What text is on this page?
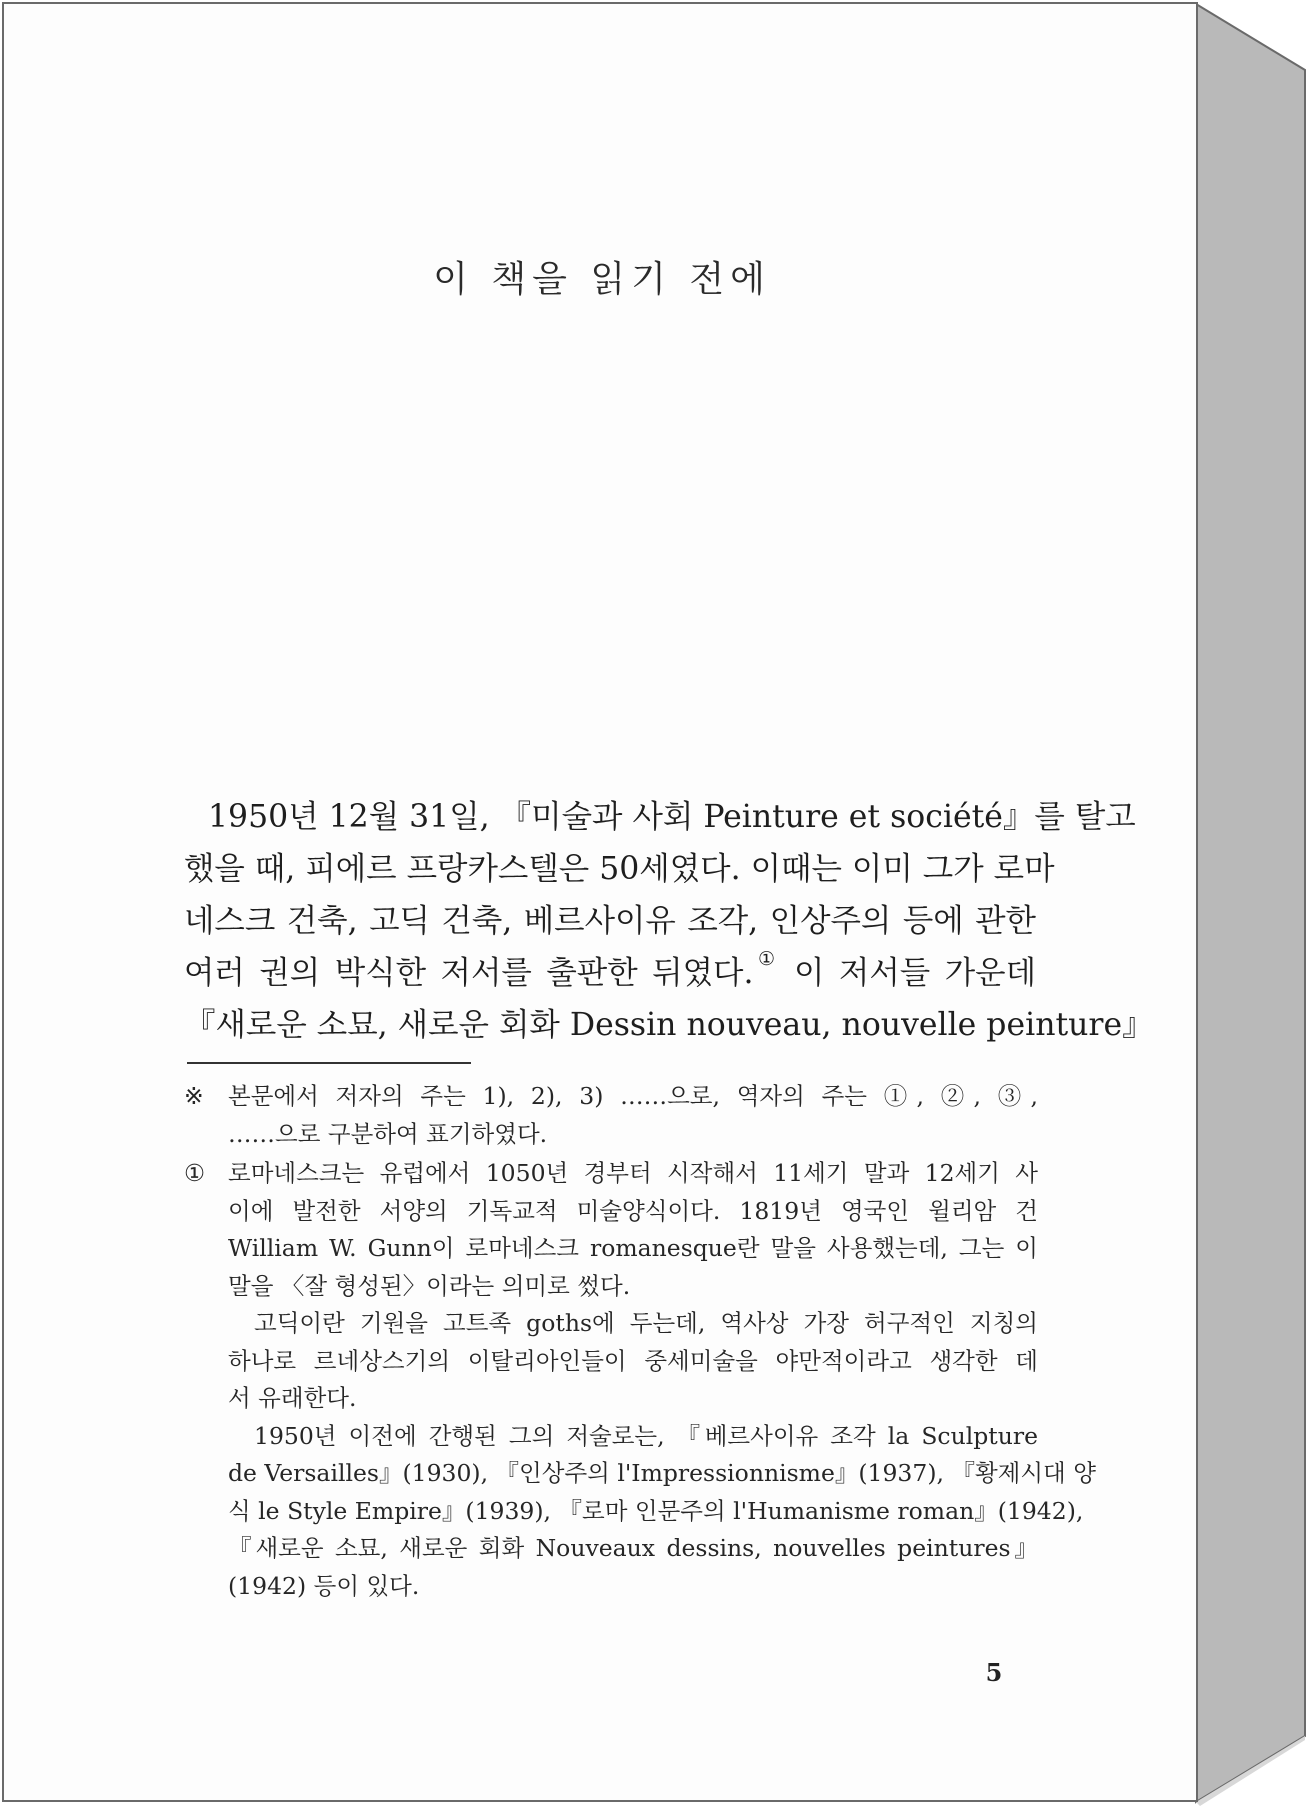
이 책을 읽기 전에
1950년 12월 31일, 『미술과 사회 Peinture et société』를 탈고
했을 때, 피에르 프랑카스텔은 50세였다. 이때는 이미 그가 로마
네스크 건축, 고딕 건축, 베르사이유 조각, 인상주의 등에 관한
여러 권의 박식한 저서를 출판한 뒤였다.① 이 저서들 가운데
『새로운 소묘, 새로운 회화 Dessin nouveau, nouvelle peinture』
※ 본문에서 저자의 주는 1), 2), 3) ……으로, 역자의 주는 ①, ②, ③,
……으로 구분하여 표기하였다.
① 로마네스크는 유럽에서 1050년 경부터 시작해서 11세기 말과 12세기 사
이에 발전한 서양의 기독교적 미술양식이다. 1819년 영국인 윌리암 건
William W. Gunn이 로마네스크 romanesque란 말을 사용했는데, 그는 이
말을 〈잘 형성된〉이라는 의미로 썼다.
고딕이란 기원을 고트족 goths에 두는데, 역사상 가장 허구적인 지칭의
하나로 르네상스기의 이탈리아인들이 중세미술을 야만적이라고 생각한 데
서 유래한다.
1950년 이전에 간행된 그의 저술로는, 『베르사이유 조각 la Sculpture
de Versailles』(1930), 『인상주의 l'Impressionnisme』(1937), 『황제시대 양
식 le Style Empire』(1939), 『로마 인문주의 l'Humanisme roman』(1942),
『새로운 소묘, 새로운 회화 Nouveaux dessins, nouvelles peintures』
(1942) 등이 있다.
5
